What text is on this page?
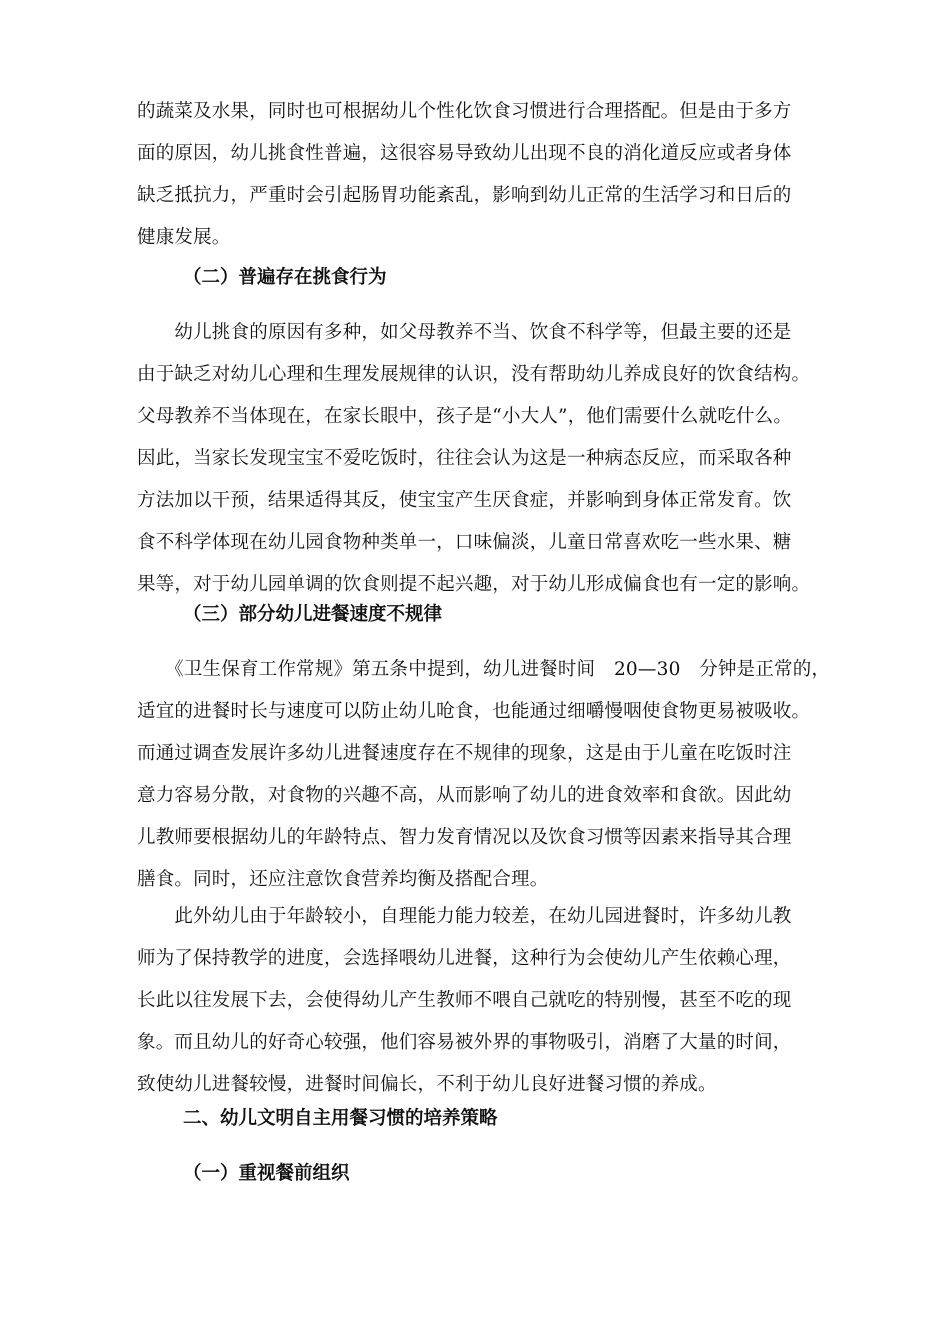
的蔬菜及水果，同时也可根据幼儿个性化饮食习惯进行合理搭配。但是由于多方
面的原因，幼儿挑食性普遍，这很容易导致幼儿出现不良的消化道反应或者身体
缺乏抵抗力，严重时会引起肠胃功能紊乱，影响到幼儿正常的生活学习和日后的
健康发展。
（二）普遍存在挑食行为
　　幼儿挑食的原因有多种，如父母教养不当、饮食不科学等，但最主要的还是
由于缺乏对幼儿心理和生理发展规律的认识，没有帮助幼儿养成良好的饮食结构。
父母教养不当体现在，在家长眼中，孩子是“小大人”，他们需要什么就吃什么。
因此，当家长发现宝宝不爱吃饭时，往往会认为这是一种病态反应，而采取各种
方法加以干预，结果适得其反，使宝宝产生厌食症，并影响到身体正常发育。饮
食不科学体现在幼儿园食物种类单一，口味偏淡，儿童日常喜欢吃一些水果、糖
果等，对于幼儿园单调的饮食则提不起兴趣，对于幼儿形成偏食也有一定的影响。
（三）部分幼儿进餐速度不规律
　　《卫生保育工作常规》第五条中提到，幼儿进餐时间　20—30　分钟是正常的，
适宜的进餐时长与速度可以防止幼儿呛食，也能通过细嚼慢咽使食物更易被吸收。
而通过调查发展许多幼儿进餐速度存在不规律的现象，这是由于儿童在吃饭时注
意力容易分散，对食物的兴趣不高，从而影响了幼儿的进食效率和食欲。因此幼
儿教师要根据幼儿的年龄特点、智力发育情况以及饮食习惯等因素来指导其合理
膳食。同时，还应注意饮食营养均衡及搭配合理。
　　此外幼儿由于年龄较小，自理能力能力较差，在幼儿园进餐时，许多幼儿教
师为了保持教学的进度，会选择喂幼儿进餐，这种行为会使幼儿产生依赖心理，
长此以往发展下去，会使得幼儿产生教师不喂自己就吃的特别慢，甚至不吃的现
象。而且幼儿的好奇心较强，他们容易被外界的事物吸引，消磨了大量的时间，
致使幼儿进餐较慢，进餐时间偏长，不利于幼儿良好进餐习惯的养成。
二、幼儿文明自主用餐习惯的培养策略
（一）重视餐前组织
